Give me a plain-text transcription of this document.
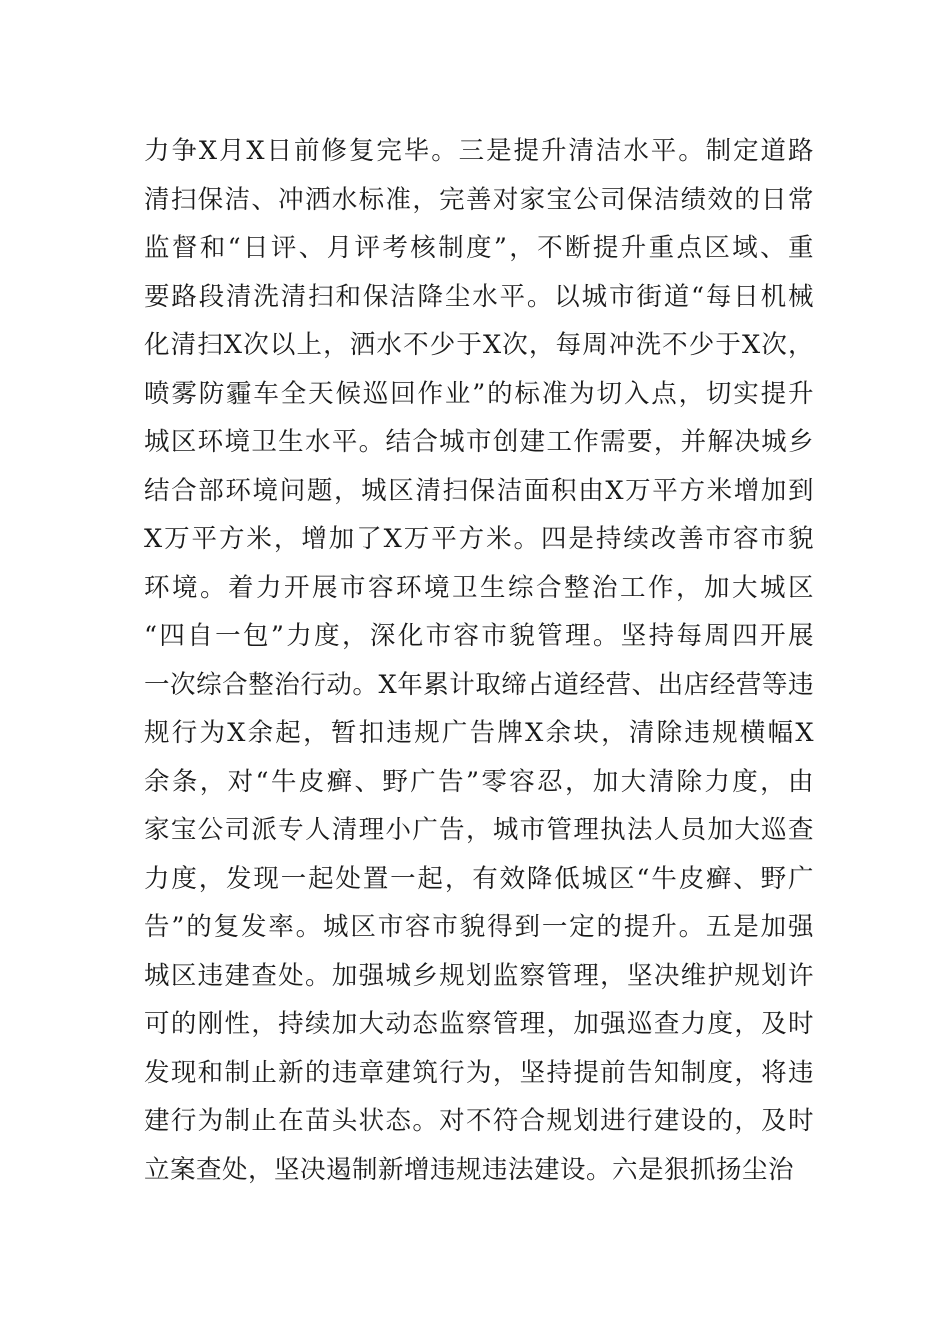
力争X月X日前修复完毕。三是提升清洁水平。制定道路
清扫保洁、冲洒水标准，完善对家宝公司保洁绩效的日常
监督和“日评、月评考核制度”，不断提升重点区域、重
要路段清洗清扫和保洁降尘水平。以城市街道“每日机械
化清扫X次以上，洒水不少于X次，每周冲洗不少于X次，
喷雾防霾车全天候巡回作业”的标准为切入点，切实提升
城区环境卫生水平。结合城市创建工作需要，并解决城乡
结合部环境问题，城区清扫保洁面积由X万平方米增加到
X万平方米，增加了X万平方米。四是持续改善市容市貌
环境。着力开展市容环境卫生综合整治工作，加大城区
“四自一包”力度，深化市容市貌管理。坚持每周四开展
一次综合整治行动。X年累计取缔占道经营、出店经营等违
规行为X余起，暂扣违规广告牌X余块，清除违规横幅X
余条，对“牛皮癣、野广告”零容忍，加大清除力度，由
家宝公司派专人清理小广告，城市管理执法人员加大巡查
力度，发现一起处置一起，有效降低城区“牛皮癣、野广
告”的复发率。城区市容市貌得到一定的提升。五是加强
城区违建查处。加强城乡规划监察管理，坚决维护规划许
可的刚性，持续加大动态监察管理，加强巡查力度，及时
发现和制止新的违章建筑行为，坚持提前告知制度，将违
建行为制止在苗头状态。对不符合规划进行建设的，及时
立案查处，坚决遏制新增违规违法建设。六是狠抓扬尘治
